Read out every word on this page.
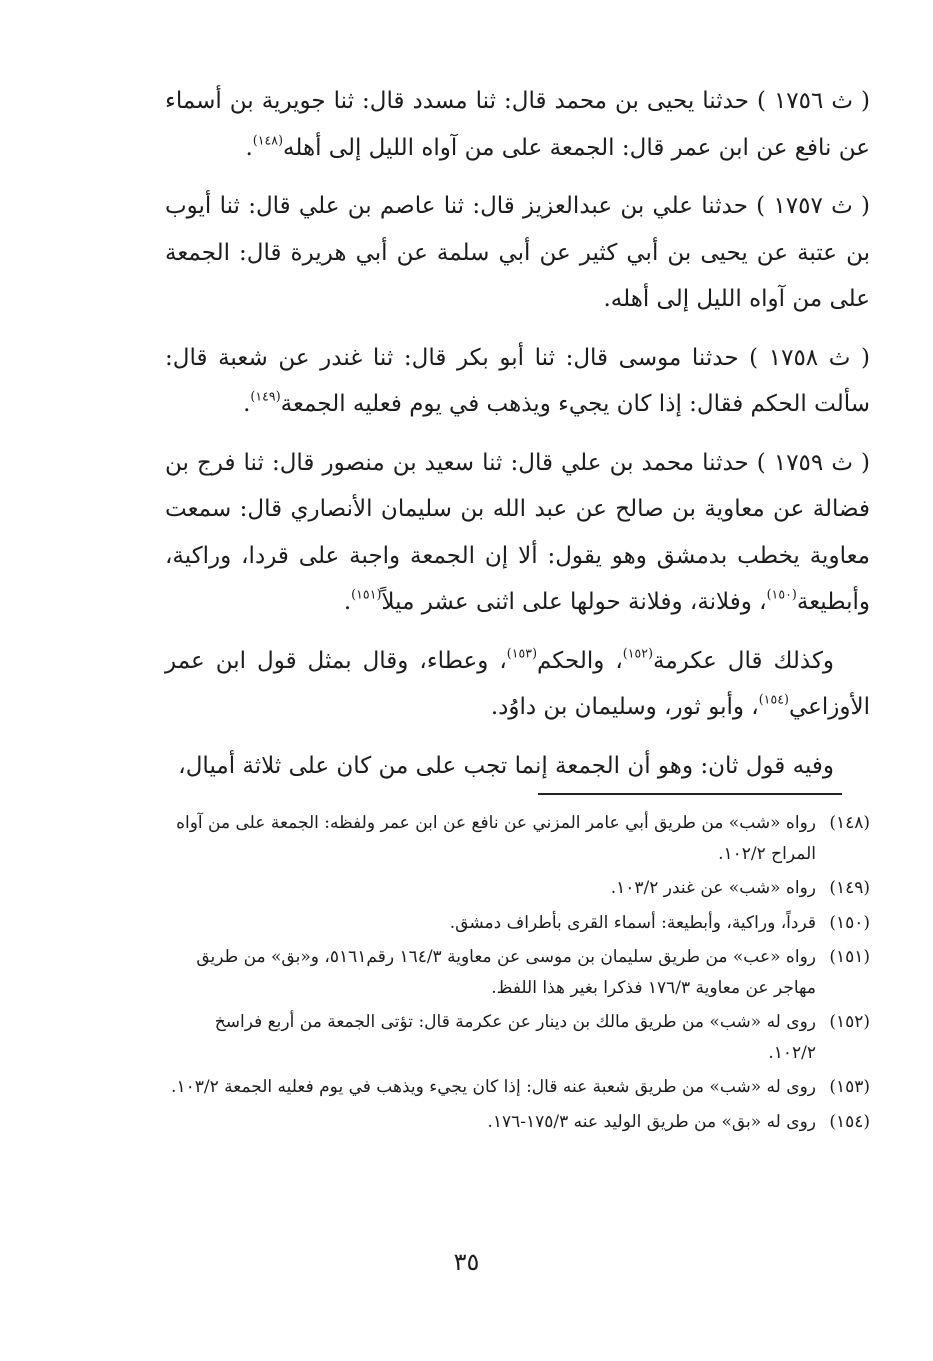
( ث ١٧٥٦ ) حدثنا يحيى بن محمد قال: ثنا مسدد قال: ثنا جويرية بن أسماء عن نافع عن ابن عمر قال: الجمعة على من آواه الليل إلى أهله$^{(١٤٨)}$.

( ث ١٧٥٧ ) حدثنا علي بن عبدالعزيز قال: ثنا عاصم بن علي قال: ثنا أيوب بن عتبة عن يحيى بن أبي كثير عن أبي سلمة عن أبي هريرة قال: الجمعة على من آواه الليل إلى أهله.

( ث ١٧٥٨ ) حدثنا موسى قال: ثنا أبو بكر قال: ثنا غندر عن شعبة قال: سألت الحكم فقال: إذا كان يجيء ويذهب في يوم فعليه الجمعة$^{(١٤٩)}$.

( ث ١٧٥٩ ) حدثنا محمد بن علي قال: ثنا سعيد بن منصور قال: ثنا فرج بن فضالة عن معاوية بن صالح عن عبد الله بن سليمان الأنصاري قال: سمعت معاوية يخطب بدمشق وهو يقول: ألا إن الجمعة واجبة على قردا، وراكية، وأبطيعة$^{(١٥٠)}$، وفلانة، وفلانة حولها على اثنى عشر ميلاً$^{(١٥١)}$.

وكذلك قال عكرمة$^{(١٥٢)}$، والحكم$^{(١٥٣)}$، وعطاء، وقال بمثل قول ابن عمر الأوزاعي$^{(١٥٤)}$، وأبو ثور، وسليمان بن داوُد.

وفيه قول ثان: وهو أن الجمعة إنما تجب على من كان على ثلاثة أميال،

(١٤٨)
رواه «شب» من طريق أبي عامر المزني عن نافع عن ابن عمر ولفظه: الجمعة على من آواه المراح ١٠٢/٢.
(١٤٩)
رواه «شب» عن غندر ١٠٣/٢.
(١٥٠)
قرداً، وراكية، وأبطيعة: أسماء القرى بأطراف دمشق.
(١٥١)
رواه «عب» من طريق سليمان بن موسى عن معاوية ١٦٤/٣ رقم٥١٦١، و«بق» من طريق مهاجر عن معاوية ١٧٦/٣ فذكرا بغير هذا اللفظ.
(١٥٢)
روى له «شب» من طريق مالك بن دينار عن عكرمة قال: تؤتى الجمعة من أربع فراسخ ١٠٢/٢.
(١٥٣)
روى له «شب» من طريق شعبة عنه قال: إذا كان يجيء ويذهب في يوم فعليه الجمعة ١٠٣/٢.
(١٥٤)
روى له «بق» من طريق الوليد عنه ١٧٥/٣-١٧٦.
٣٥
